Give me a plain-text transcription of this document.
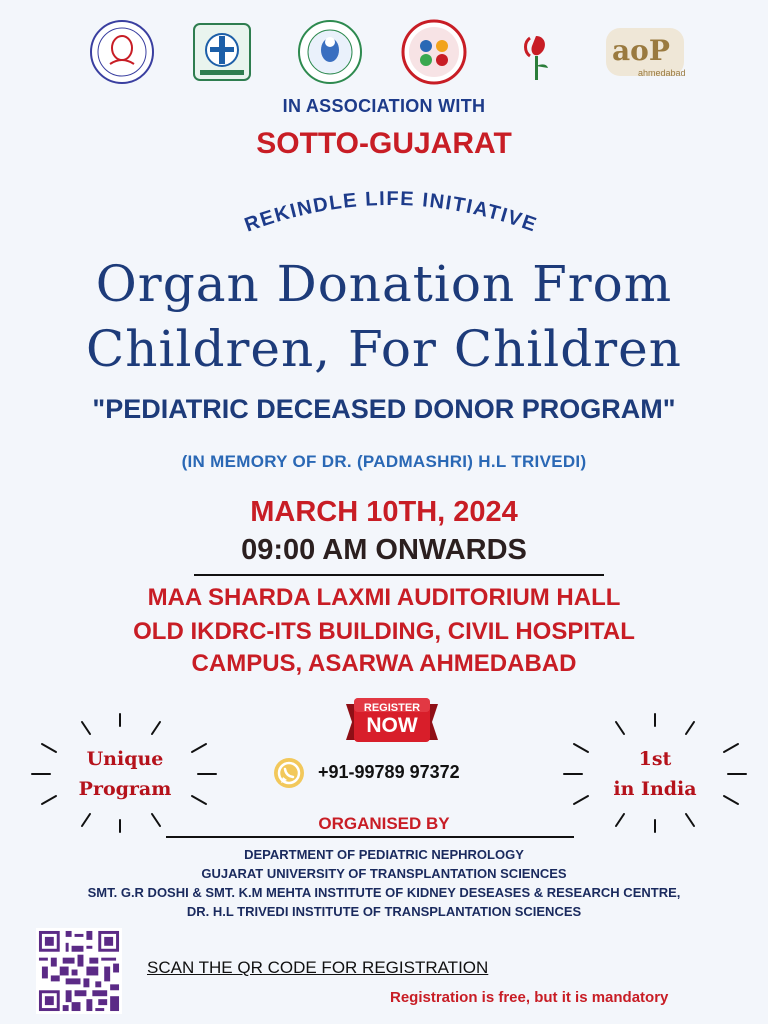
aoP
ahmedabad
IN ASSOCIATION WITH
SOTTO-GUJARAT
REKINDLE LIFE INITIATIVE
Organ Donation From
Children, For Children
"PEDIATRIC DECEASED DONOR PROGRAM"
(IN MEMORY OF DR. (PADMASHRI) H.L TRIVEDI)
MARCH 10TH, 2024
09:00 AM ONWARDS
MAA SHARDA LAXMI AUDITORIUM HALL
OLD IKDRC-ITS BUILDING, CIVIL HOSPITAL
CAMPUS, ASARWA AHMEDABAD
Unique
Program
1st
in India
REGISTER
NOW
+91-99789 97372
ORGANISED BY
DEPARTMENT OF PEDIATRIC NEPHROLOGY
GUJARAT UNIVERSITY OF TRANSPLANTATION SCIENCES
SMT. G.R DOSHI & SMT. K.M MEHTA INSTITUTE OF KIDNEY DESEASES & RESEARCH CENTRE,
DR. H.L TRIVEDI INSTITUTE OF TRANSPLANTATION SCIENCES
SCAN THE QR CODE FOR REGISTRATION
Registration is free, but it is mandatory
